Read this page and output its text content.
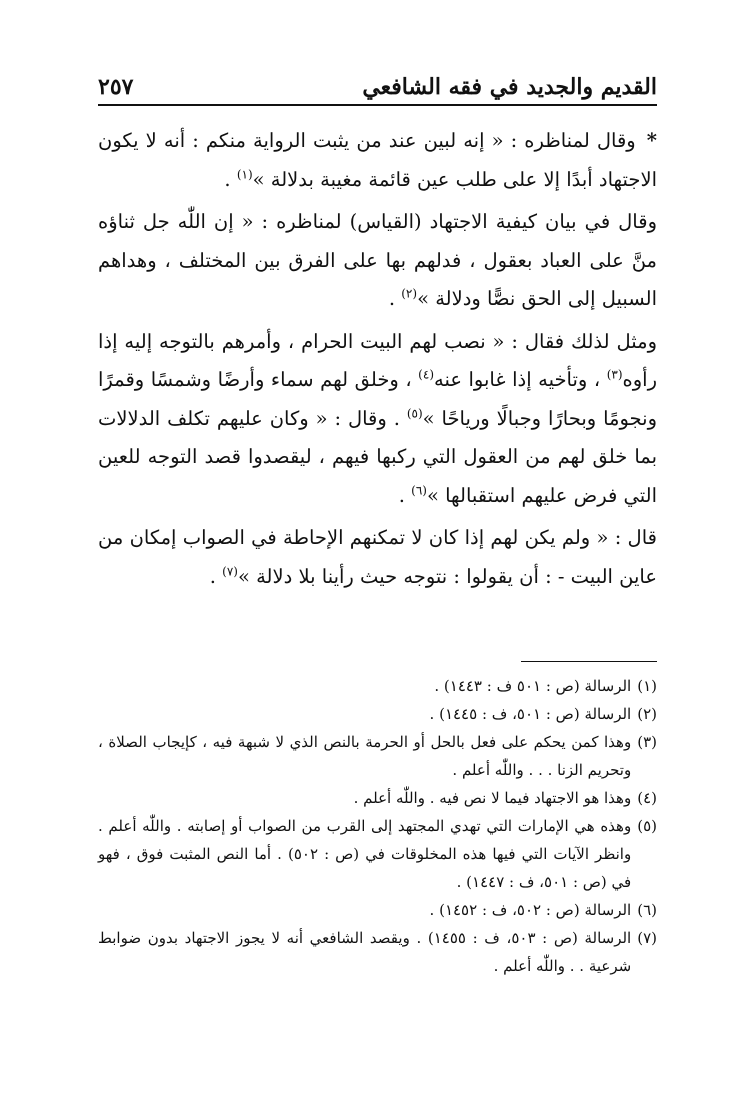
القديم والجديد في فقه الشافعي
٢٥٧

* وقال لمناظره : « إنه لبين عند من يثبت الرواية منكم : أنه لا يكون الاجتهاد أبدًا إلا على طلب عين قائمة مغيبة بدلالة »$^{(١)}$ .

وقال في بيان كيفية الاجتهاد (القياس) لمناظره : « إن اللّٰه جل ثناؤه منَّ على العباد بعقول ، فدلهم بها على الفرق بين المختلف ، وهداهم السبيل إلى الحق نصًّا ودلالة »$^{(٢)}$ .

ومثل لذلك فقال : « نصب لهم البيت الحرام ، وأمرهم بالتوجه إليه إذا رأوه$^{(٣)}$ ، وتأخيه إذا غابوا عنه$^{(٤)}$ ، وخلق لهم سماء وأرضًا وشمسًا وقمرًا ونجومًا وبحارًا وجبالًا ورياحًا »$^{(٥)}$ . وقال : « وكان عليهم تكلف الدلالات بما خلق لهم من العقول التي ركبها فيهم ، ليقصدوا قصد التوجه للعين التي فرض عليهم استقبالها »$^{(٦)}$ .

قال : « ولم يكن لهم إذا كان لا تمكنهم الإحاطة في الصواب إمكان من عاين البيت - : أن يقولوا : نتوجه حيث رأينا بلا دلالة »$^{(٧)}$ .

(١)
الرسالة (ص : ٥٠١ ف : ١٤٤٣) .
(٢)
الرسالة (ص : ٥٠١، ف : ١٤٤٥) .
(٣)
وهذا كمن يحكم على فعل بالحل أو الحرمة بالنص الذي لا شبهة فيه ، كإيجاب الصلاة ، وتحريم الزنا . . . واللّٰه أعلم .
(٤)
وهذا هو الاجتهاد فيما لا نص فيه . واللّٰه أعلم .
(٥)
وهذه هي الإمارات التي تهدي المجتهد إلى القرب من الصواب أو إصابته . واللّٰه أعلم . وانظر الآيات التي فيها هذه المخلوقات في (ص : ٥٠٢) . أما النص المثبت فوق ، فهو في (ص : ٥٠١، ف : ١٤٤٧) .
(٦)
الرسالة (ص : ٥٠٢، ف : ١٤٥٢) .
(٧)
الرسالة (ص : ٥٠٣، ف : ١٤٥٥) . ويقصد الشافعي أنه لا يجوز الاجتهاد بدون ضوابط شرعية . . واللّٰه أعلم .
